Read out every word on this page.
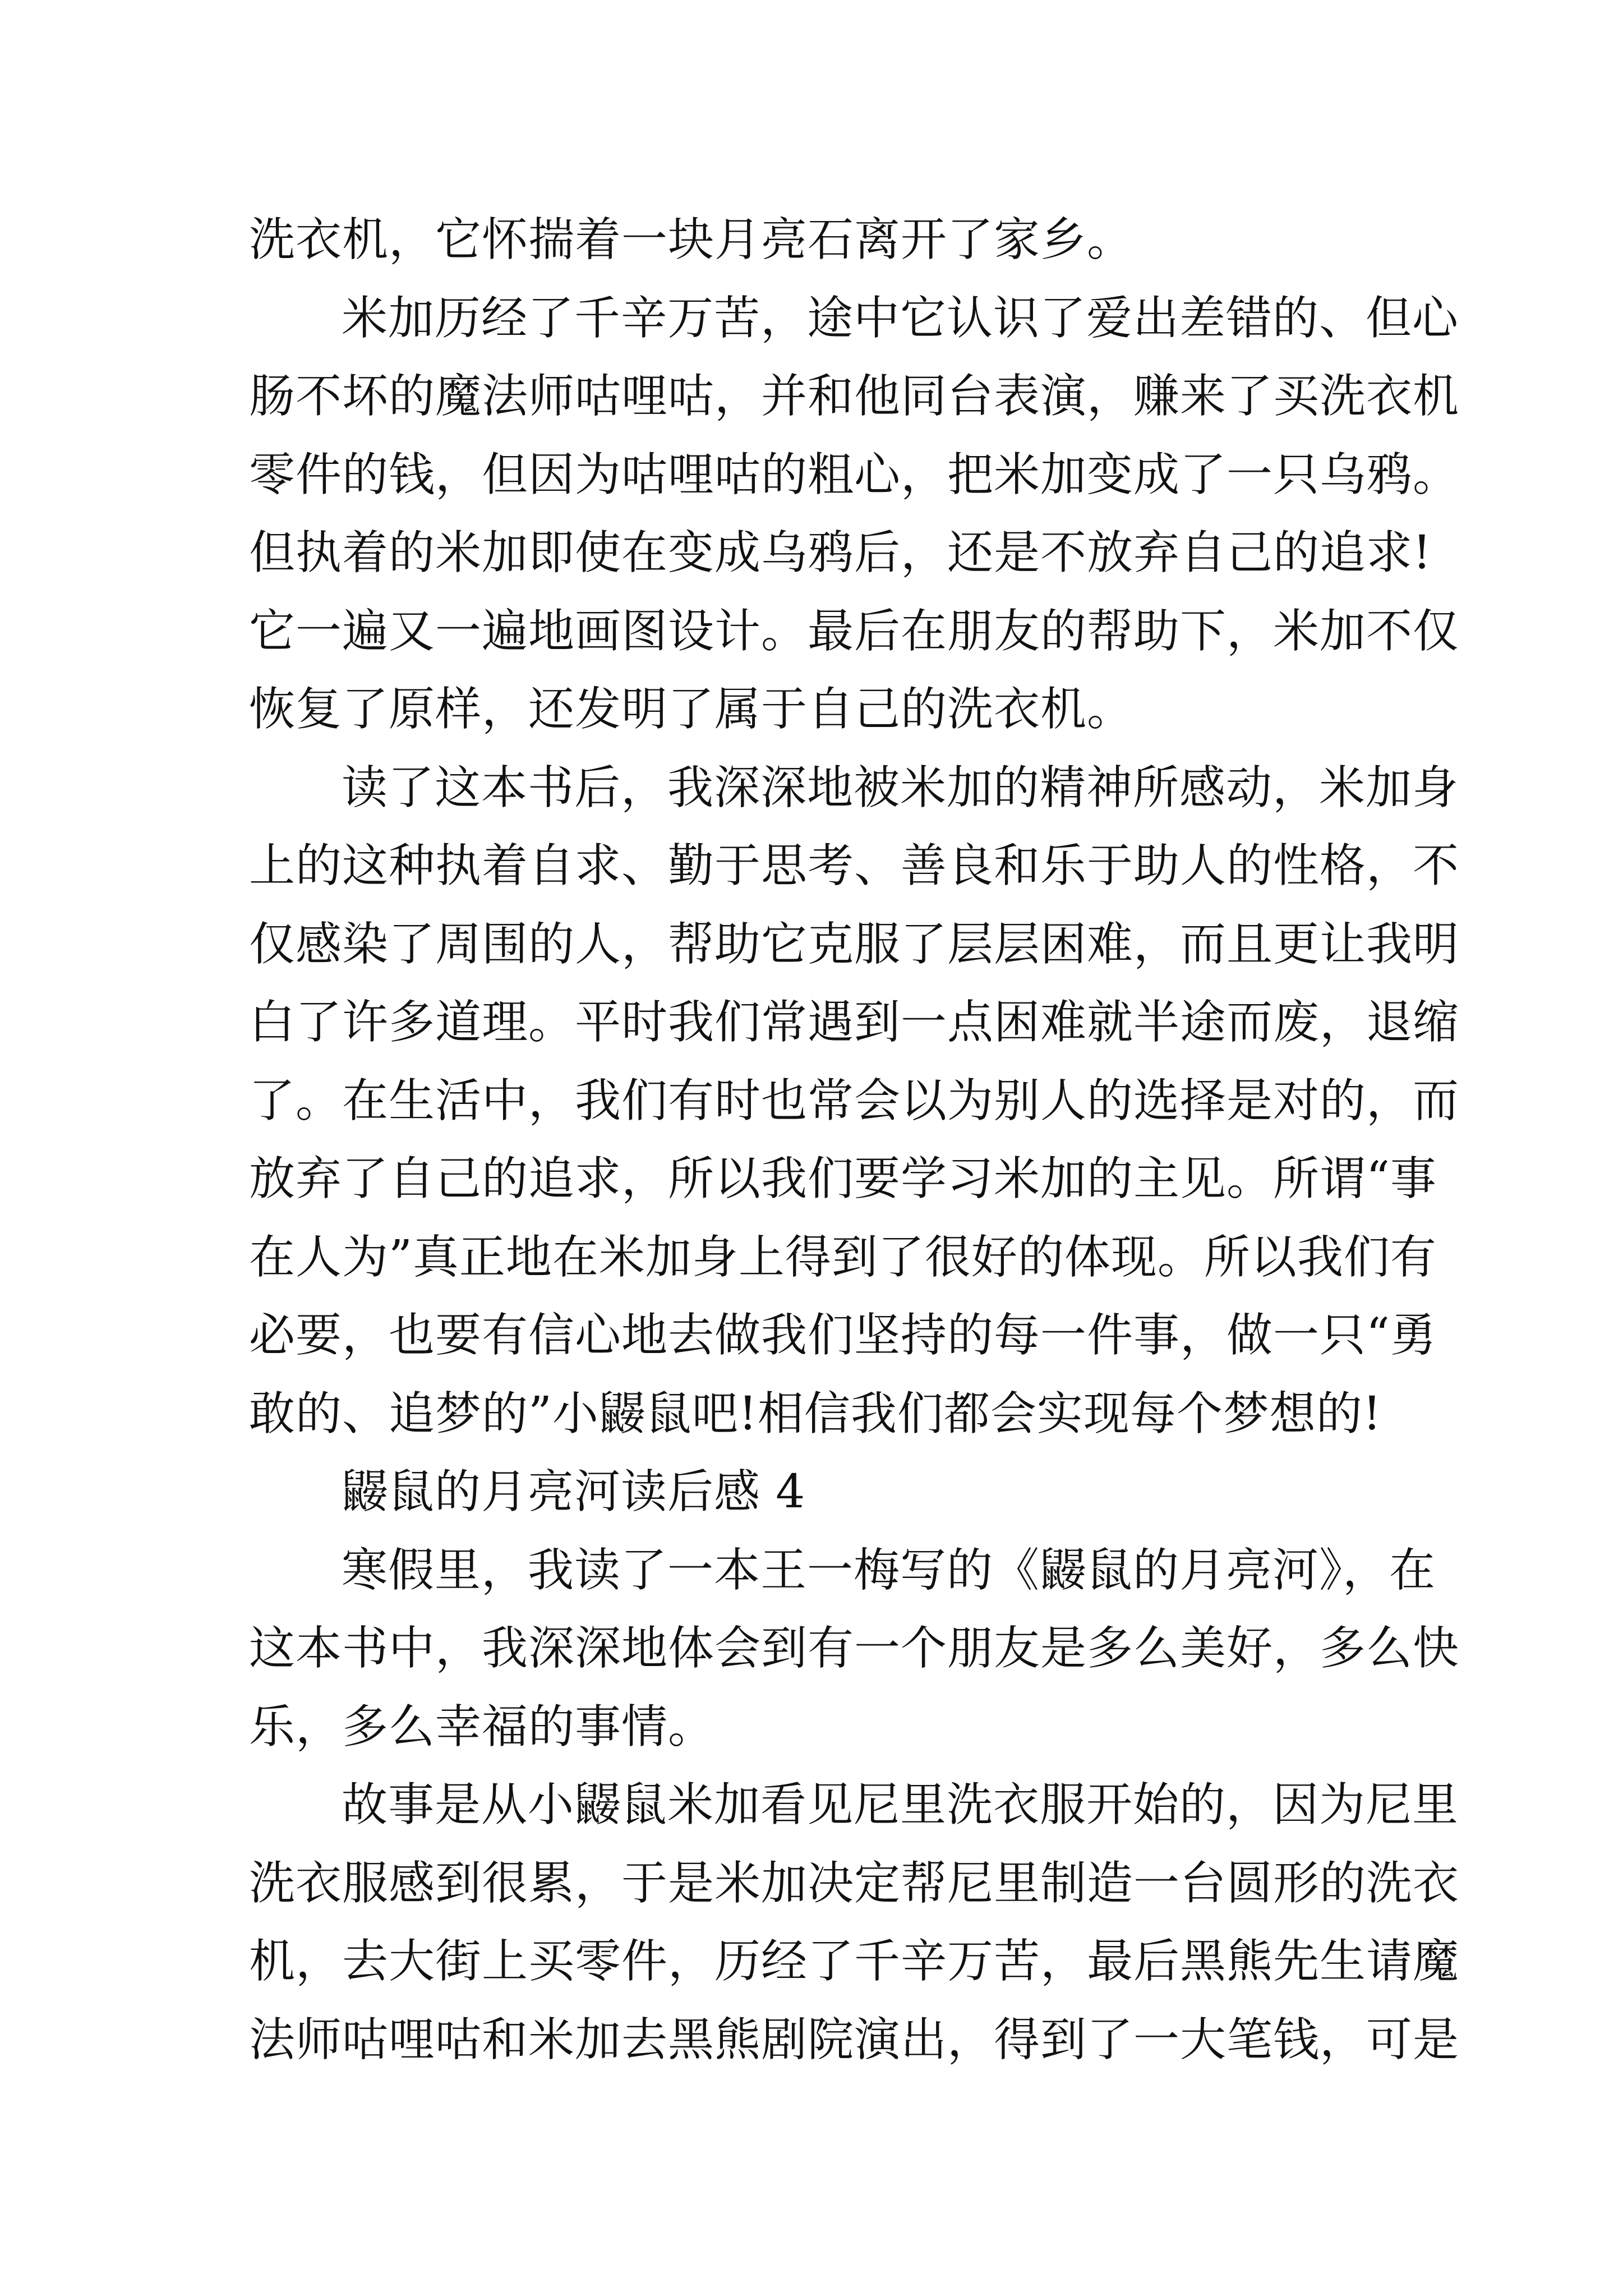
洗衣机，它怀揣着一块月亮石离开了家乡。
米加历经了千辛万苦，途中它认识了爱出差错的、但心
肠不坏的魔法师咕哩咕，并和他同台表演，赚来了买洗衣机
零件的钱，但因为咕哩咕的粗心，把米加变成了一只乌鸦。
但执着的米加即使在变成乌鸦后，还是不放弃自己的追求!
它一遍又一遍地画图设计。最后在朋友的帮助下，米加不仅
恢复了原样，还发明了属于自己的洗衣机。
读了这本书后，我深深地被米加的精神所感动，米加身
上的这种执着自求、勤于思考、善良和乐于助人的性格，不
仅感染了周围的人，帮助它克服了层层困难，而且更让我明
白了许多道理。平时我们常遇到一点困难就半途而废，退缩
了。在生活中，我们有时也常会以为别人的选择是对的，而
放弃了自己的追求，所以我们要学习米加的主见。所谓“事
在人为”真正地在米加身上得到了很好的体现。所以我们有
必要，也要有信心地去做我们坚持的每一件事，做一只“勇
敢的、追梦的”小鼹鼠吧!相信我们都会实现每个梦想的!
鼹鼠的月亮河读后感 4
寒假里，我读了一本王一梅写的《鼹鼠的月亮河》，在
这本书中，我深深地体会到有一个朋友是多么美好，多么快
乐，多么幸福的事情。
故事是从小鼹鼠米加看见尼里洗衣服开始的，因为尼里
洗衣服感到很累，于是米加决定帮尼里制造一台圆形的洗衣
机，去大街上买零件，历经了千辛万苦，最后黑熊先生请魔
法师咕哩咕和米加去黑熊剧院演出，得到了一大笔钱，可是
